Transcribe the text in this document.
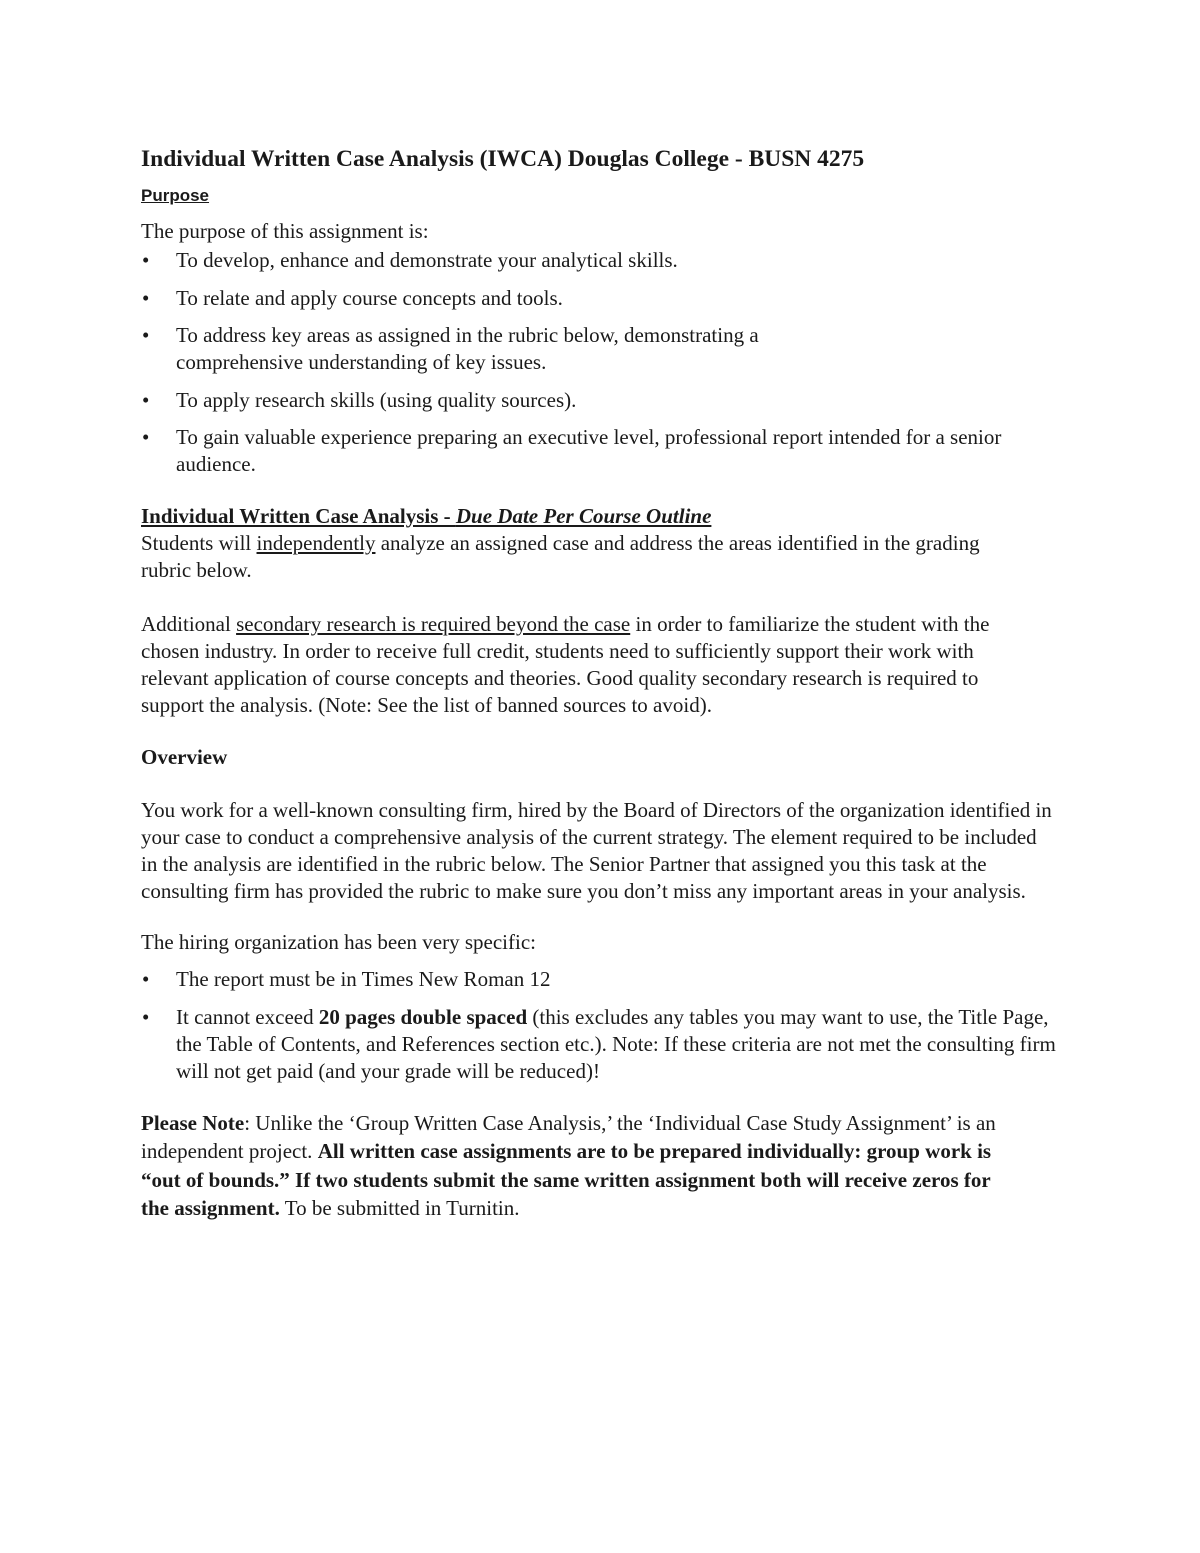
Individual Written Case Analysis (IWCA) Douglas College - BUSN 4275
Purpose

The purpose of this assignment is:

• To develop, enhance and demonstrate your analytical skills.
• To relate and apply course concepts and tools.
• To address key areas as assigned in the rubric below, demonstrating a comprehensive understanding of key issues.
• To apply research skills (using quality sources).
• To gain valuable experience preparing an executive level, professional report intended for a senior audience.
Individual Written Case Analysis - Due Date Per Course Outline

Students will independently analyze an assigned case and address the areas identified in the grading rubric below.

Additional secondary research is required beyond the case in order to familiarize the student with the chosen industry. In order to receive full credit, students need to sufficiently support their work with relevant application of course concepts and theories. Good quality secondary research is required to support the analysis. (Note: See the list of banned sources to avoid).

Overview

You work for a well-known consulting firm, hired by the Board of Directors of the organization identified in your case to conduct a comprehensive analysis of the current strategy. The element required to be included in the analysis are identified in the rubric below. The Senior Partner that assigned you this task at the consulting firm has provided the rubric to make sure you don’t miss any important areas in your analysis.

The hiring organization has been very specific:

• The report must be in Times New Roman 12
• It cannot exceed 20 pages double spaced (this excludes any tables you may want to use, the Title Page, the Table of Contents, and References section etc.). Note: If these criteria are not met the consulting firm will not get paid (and your grade will be reduced)!

Please Note: Unlike the ‘Group Written Case Analysis,’ the ‘Individual Case Study Assignment’ is an independent project. All written case assignments are to be prepared individually: group work is “out of bounds.” If two students submit the same written assignment both will receive zeros for the assignment. To be submitted in Turnitin.
